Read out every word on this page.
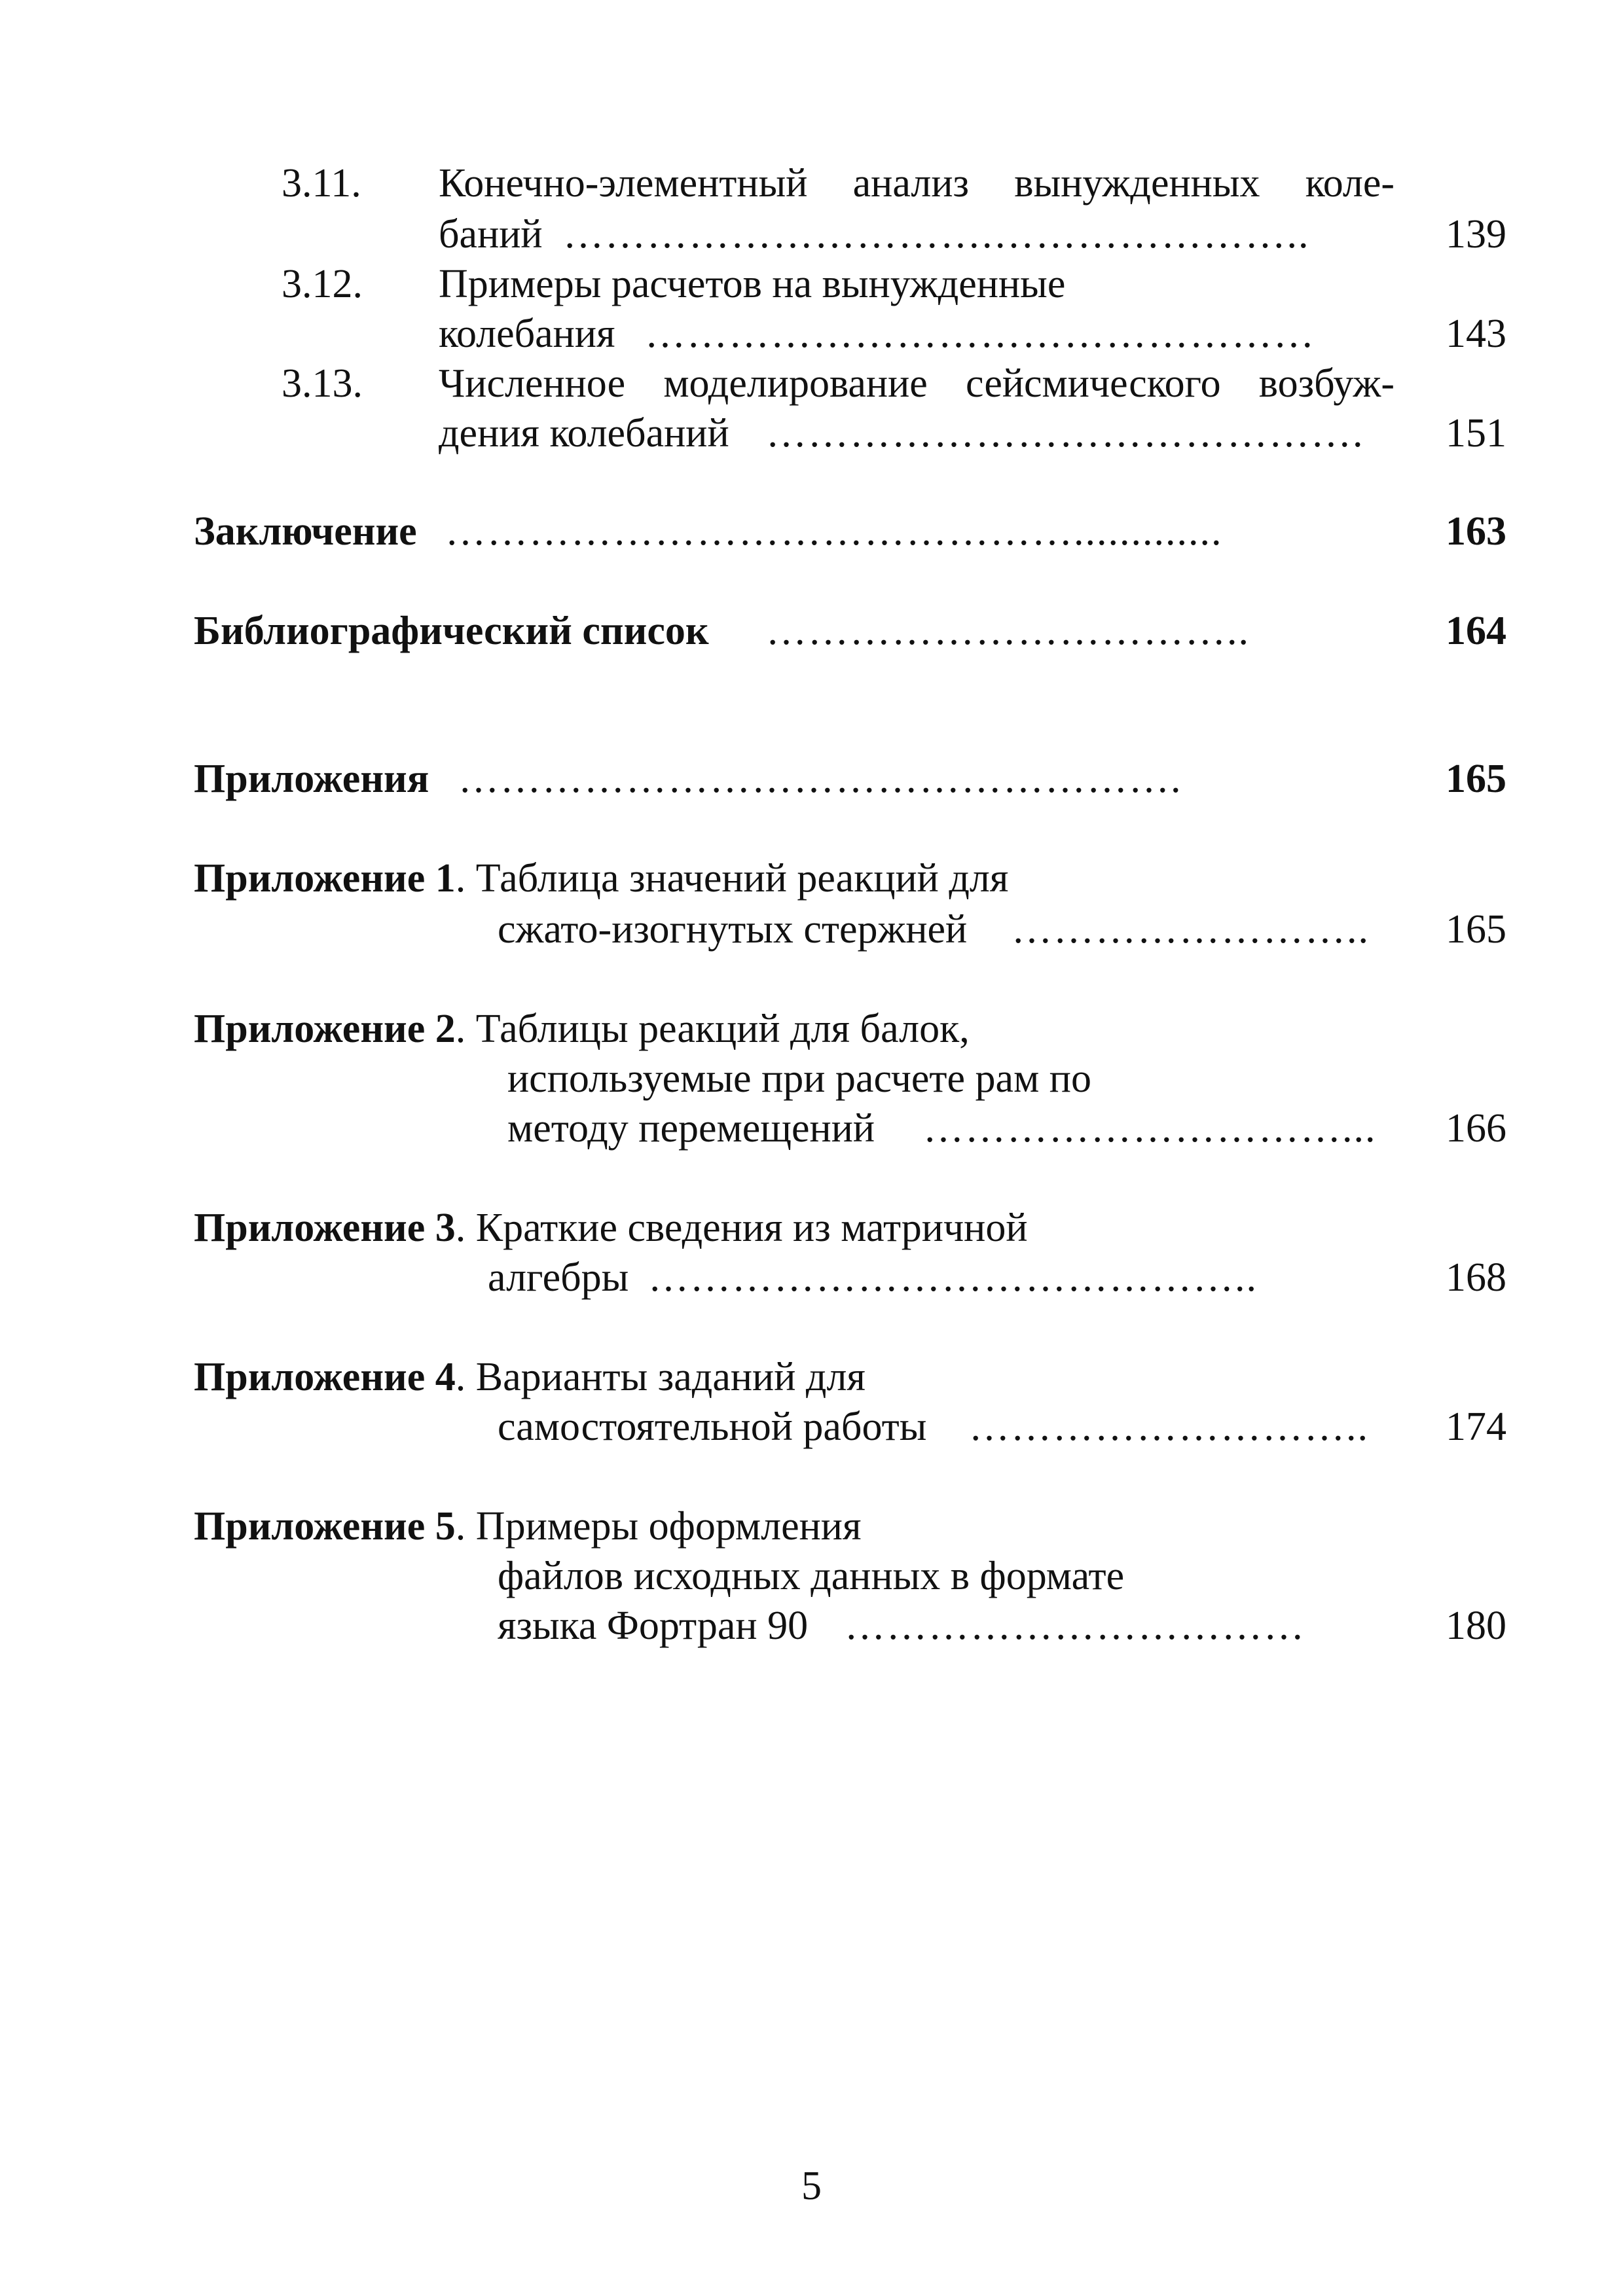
3.11. Конечно-элементный анализ вынужденных коле-
баний ………………………….…………………..	139
3.12. Примеры расчетов на вынужденные
колебания …………………………………………	143
3.13. Численное моделирование сейсмического возбуж-
дения колебаний …………………………………….	151
Заключение ……………………………………….............	163
Библиографический список ……………………………..	164
Приложения …………………………………………….	165
Приложение 1. Таблица значений реакций для
сжато-изогнутых стержней …………………….. 165
Приложение 2. Таблицы реакций для балок,
используемые при расчете рам по
методу перемещений …………………………... 166
Приложение 3. Краткие сведения из матричной
алгебры ……………………………………..	168
Приложение 4. Варианты заданий для
самостоятельной работы ………………………..	174
Приложение 5. Примеры оформления
файлов исходных данных в формате
языка Фортран 90 ……………………………	180
5
